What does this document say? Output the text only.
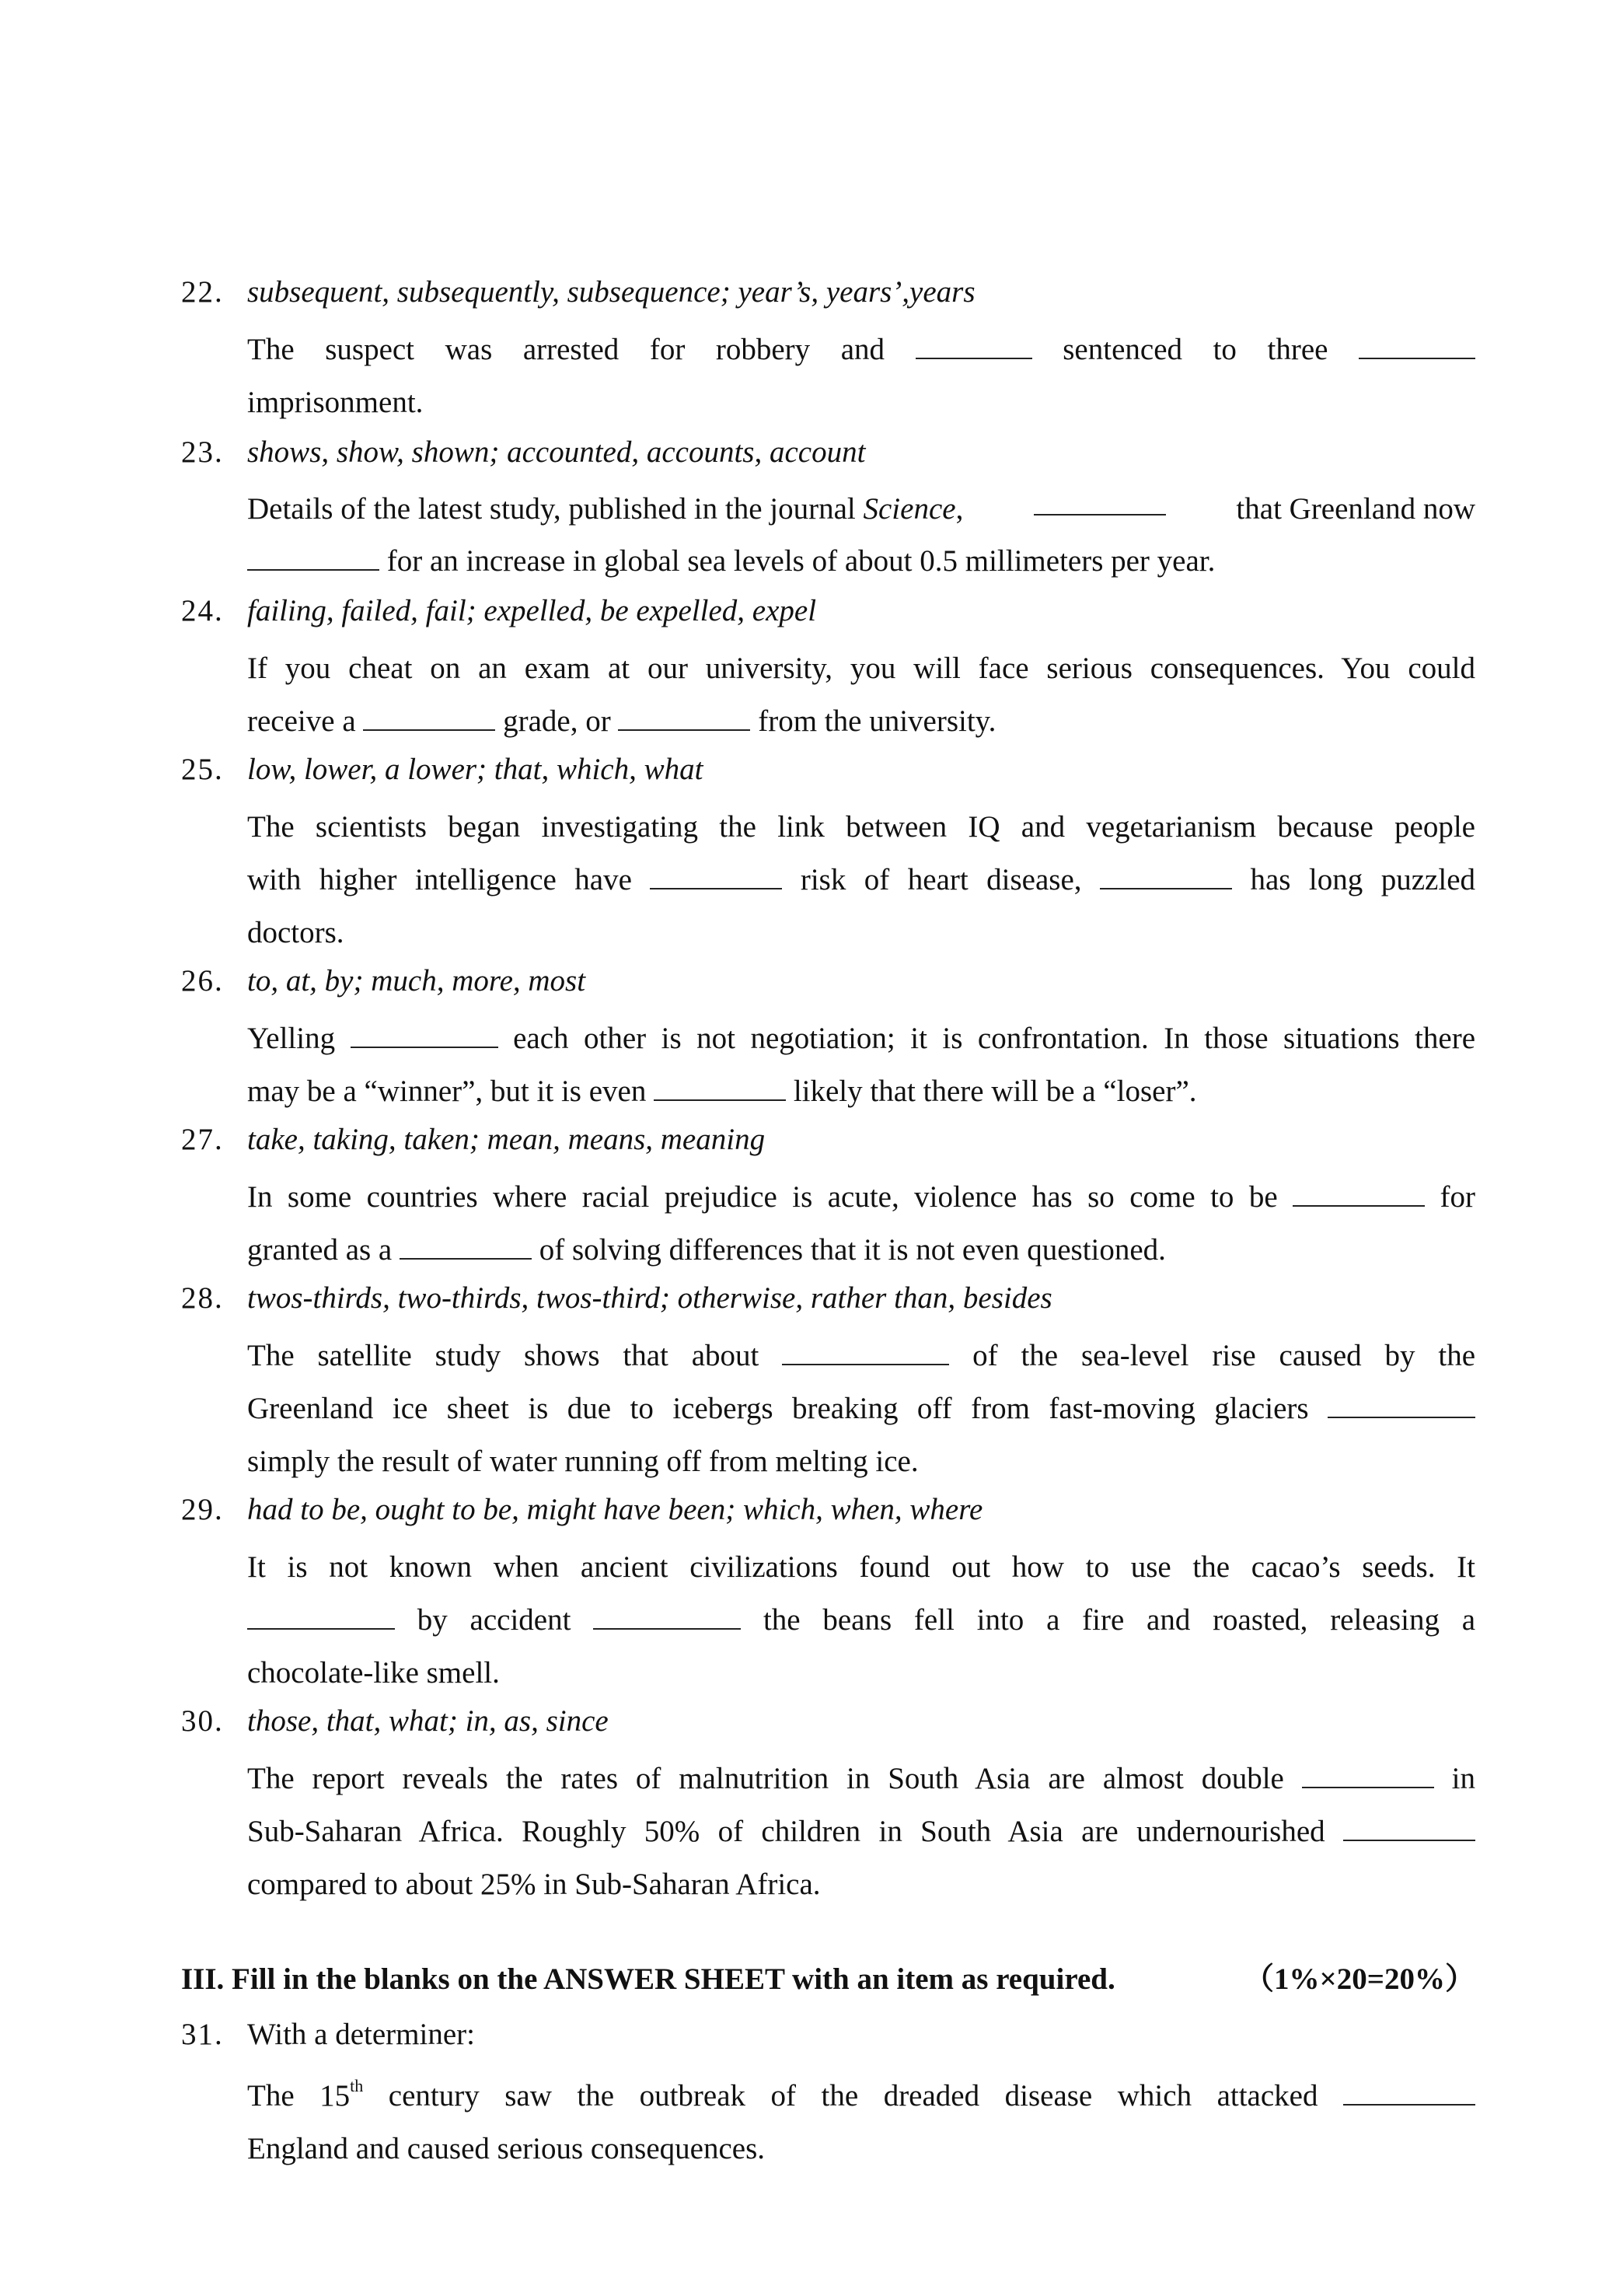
22. subsequent, subsequently, subsequence; year’s, years’,years
The suspect was arrested for robbery and	sentenced to three
imprisonment.
23. shows, show, shown; accounted, accounts, account
Details of the latest study, published in the journal Science,	that Greenland now
for an increase in global sea levels of about 0.5 millimeters per year.
24. failing, failed, fail; expelled, be expelled, expel
If you cheat on an exam at our university, you will face serious consequences. You could
receive a	grade, or	from the university.
25. low, lower, a lower; that, which, what
The scientists began investigating the link between IQ and vegetarianism because people
with higher intelligence have	risk of heart disease,	has long puzzled
doctors.
26. to, at, by; much, more, most
Yelling	each other is not negotiation; it is confrontation. In those situations there
may be a “winner”, but it is even	likely that there will be a “loser”.
27. take, taking, taken; mean, means, meaning
In some countries where racial prejudice is acute, violence has so come to be	for
granted as a	of solving differences that it is not even questioned.
28. twos-thirds, two-thirds, twos-third; otherwise, rather than, besides
The satellite study shows that about	of the sea-level rise caused by the
Greenland ice sheet is due to icebergs breaking off from fast-moving glaciers
simply the result of water running off from melting ice.
29. had to be, ought to be, might have been; which, when, where
It is not known when ancient civilizations found out how to use the cacao’s seeds. It
by accident	the beans fell into a fire and roasted, releasing a
chocolate-like smell.
30. those, that, what; in, as, since
The report reveals the rates of malnutrition in South Asia are almost double	in
Sub-Saharan Africa. Roughly 50% of children in South Asia are undernourished
compared to about 25% in Sub-Saharan Africa.
III. Fill in the blanks on the ANSWER SHEET with an item as required.	（1%×20=20%）
31. With a determiner:
The 15th century saw the outbreak of the dreaded disease which attacked
England and caused serious consequences.
